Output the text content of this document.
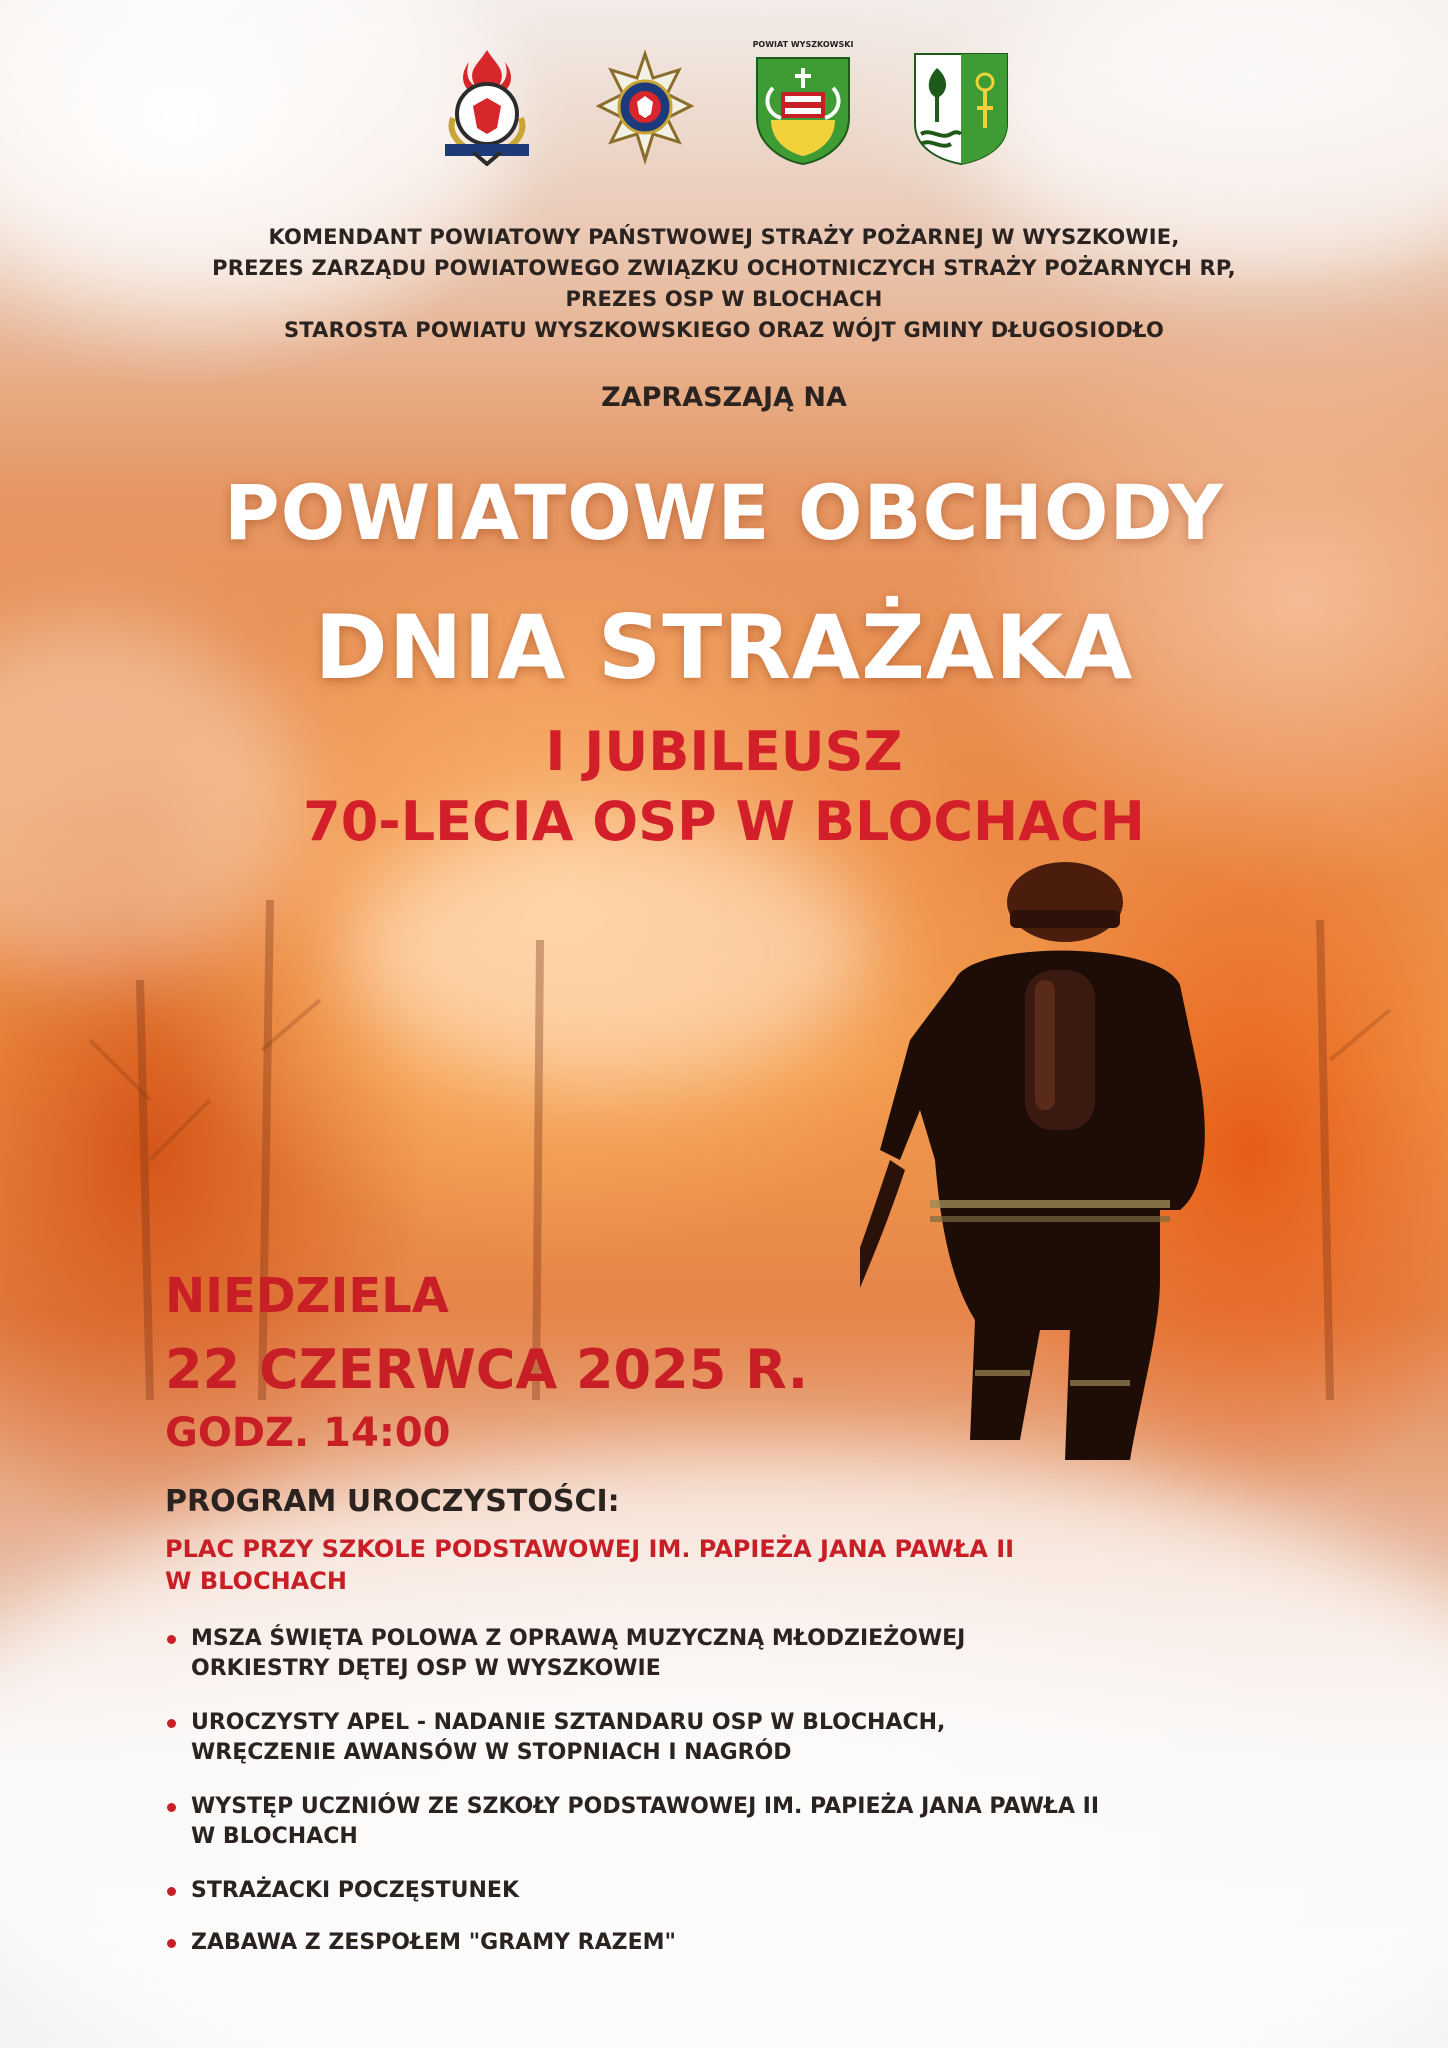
POWIAT WYSZKOWSKI
KOMENDANT POWIATOWY PAŃSTWOWEJ STRAŻY POŻARNEJ W WYSZKOWIE,
PREZES ZARZĄDU POWIATOWEGO ZWIĄZKU OCHOTNICZYCH STRAŻY POŻARNYCH RP,
PREZES OSP W BLOCHACH
STAROSTA POWIATU WYSZKOWSKIEGO ORAZ WÓJT GMINY DŁUGOSIODŁO
ZAPRASZAJĄ NA
POWIATOWE OBCHODY
DNIA STRAŻAKA
I JUBILEUSZ
70-LECIA OSP W BLOCHACH
NIEDZIELA
22 CZERWCA 2025 R.
GODZ. 14:00
PROGRAM UROCZYSTOŚCI:
PLAC PRZY SZKOLE PODSTAWOWEJ IM. PAPIEŻA JANA PAWŁA II
W BLOCHACH
MSZA ŚWIĘTA POLOWA Z OPRAWĄ MUZYCZNĄ MŁODZIEŻOWEJ
ORKIESTRY DĘTEJ OSP W WYSZKOWIE
UROCZYSTY APEL - NADANIE SZTANDARU OSP W BLOCHACH,
WRĘCZENIE AWANSÓW W STOPNIACH I NAGRÓD
WYSTĘP UCZNIÓW ZE SZKOŁY PODSTAWOWEJ IM. PAPIEŻA JANA PAWŁA II
W BLOCHACH
STRAŻACKI POCZĘSTUNEK
ZABAWA Z ZESPOŁEM "GRAMY RAZEM"
